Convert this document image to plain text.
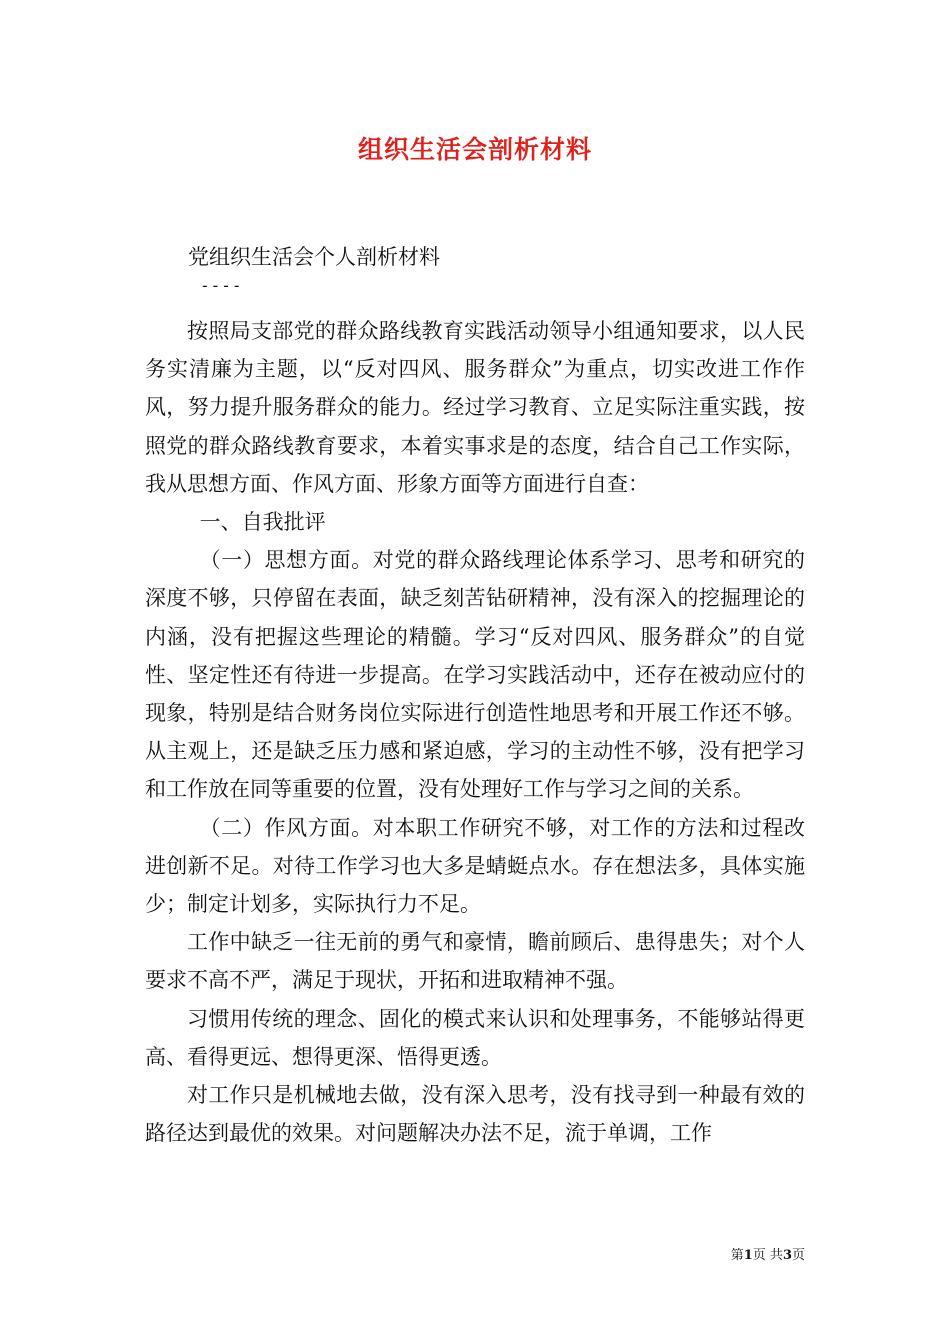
组织生活会剖析材料
党组织生活会个人剖析材料
----

按照局支部党的群众路线教育实践活动领导小组通知要求，以人民务实清廉为主题，以“反对四风、服务群众”为重点，切实改进工作作风，努力提升服务群众的能力。经过学习教育、立足实际注重实践，按照党的群众路线教育要求，本着实事求是的态度，结合自己工作实际，我从思想方面、作风方面、形象方面等方面进行自查：

一、自我批评

（一）思想方面。对党的群众路线理论体系学习、思考和研究的深度不够，只停留在表面，缺乏刻苦钻研精神，没有深入的挖掘理论的内涵，没有把握这些理论的精髓。学习“反对四风、服务群众”的自觉性、坚定性还有待进一步提高。在学习实践活动中，还存在被动应付的现象，特别是结合财务岗位实际进行创造性地思考和开展工作还不够。从主观上，还是缺乏压力感和紧迫感，学习的主动性不够，没有把学习和工作放在同等重要的位置，没有处理好工作与学习之间的关系。

（二）作风方面。对本职工作研究不够，对工作的方法和过程改进创新不足。对待工作学习也大多是蜻蜓点水。存在想法多，具体实施少；制定计划多，实际执行力不足。

工作中缺乏一往无前的勇气和豪情，瞻前顾后、患得患失；对个人要求不高不严，满足于现状，开拓和进取精神不强。

习惯用传统的理念、固化的模式来认识和处理事务，不能够站得更高、看得更远、想得更深、悟得更透。

对工作只是机械地去做，没有深入思考，没有找寻到一种最有效的路径达到最优的效果。对问题解决办法不足，流于单调，工作

第1页 共3页
